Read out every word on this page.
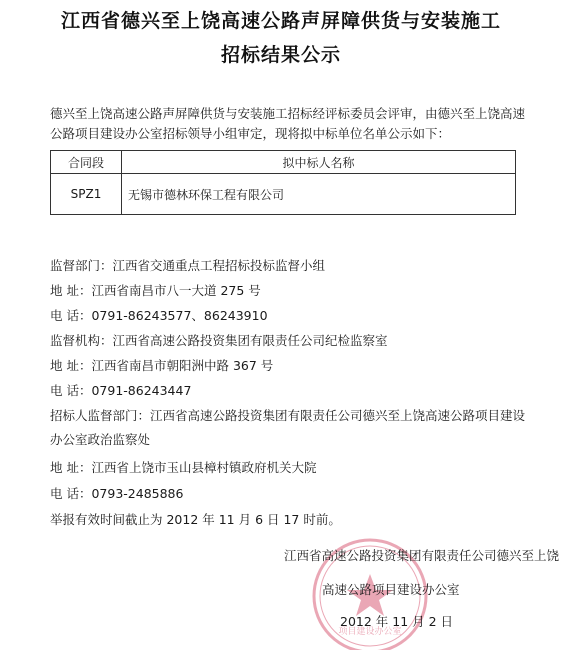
江西省德兴至上饶高速公路声屏障供货与安装施工
招标结果公示
德兴至上饶高速公路声屏障供货与安装施工招标经评标委员会评审，由德兴至上饶高速
公路项目建设办公室招标领导小组审定，现将拟中标单位名单公示如下：
合同段	拟中标人名称
SPZ1	无锡市德林环保工程有限公司
监督部门：江西省交通重点工程招标投标监督小组
地 址：江西省南昌市八一大道 275 号
电 话：0791-86243577、86243910
监督机构：江西省高速公路投资集团有限责任公司纪检监察室
地 址：江西省南昌市朝阳洲中路 367 号
电 话：0791-86243447
招标人监督部门：江西省高速公路投资集团有限责任公司德兴至上饶高速公路项目建设
办公室政治监察处
地 址：江西省上饶市玉山县樟村镇政府机关大院
电 话：0793-2485886
举报有效时间截止为 2012 年 11 月 6 日 17 时前。
项目建设办公室
江西省高速公路投资集团有限责任公司德兴至上饶
高速公路项目建设办公室
2012 年 11 月 2 日
